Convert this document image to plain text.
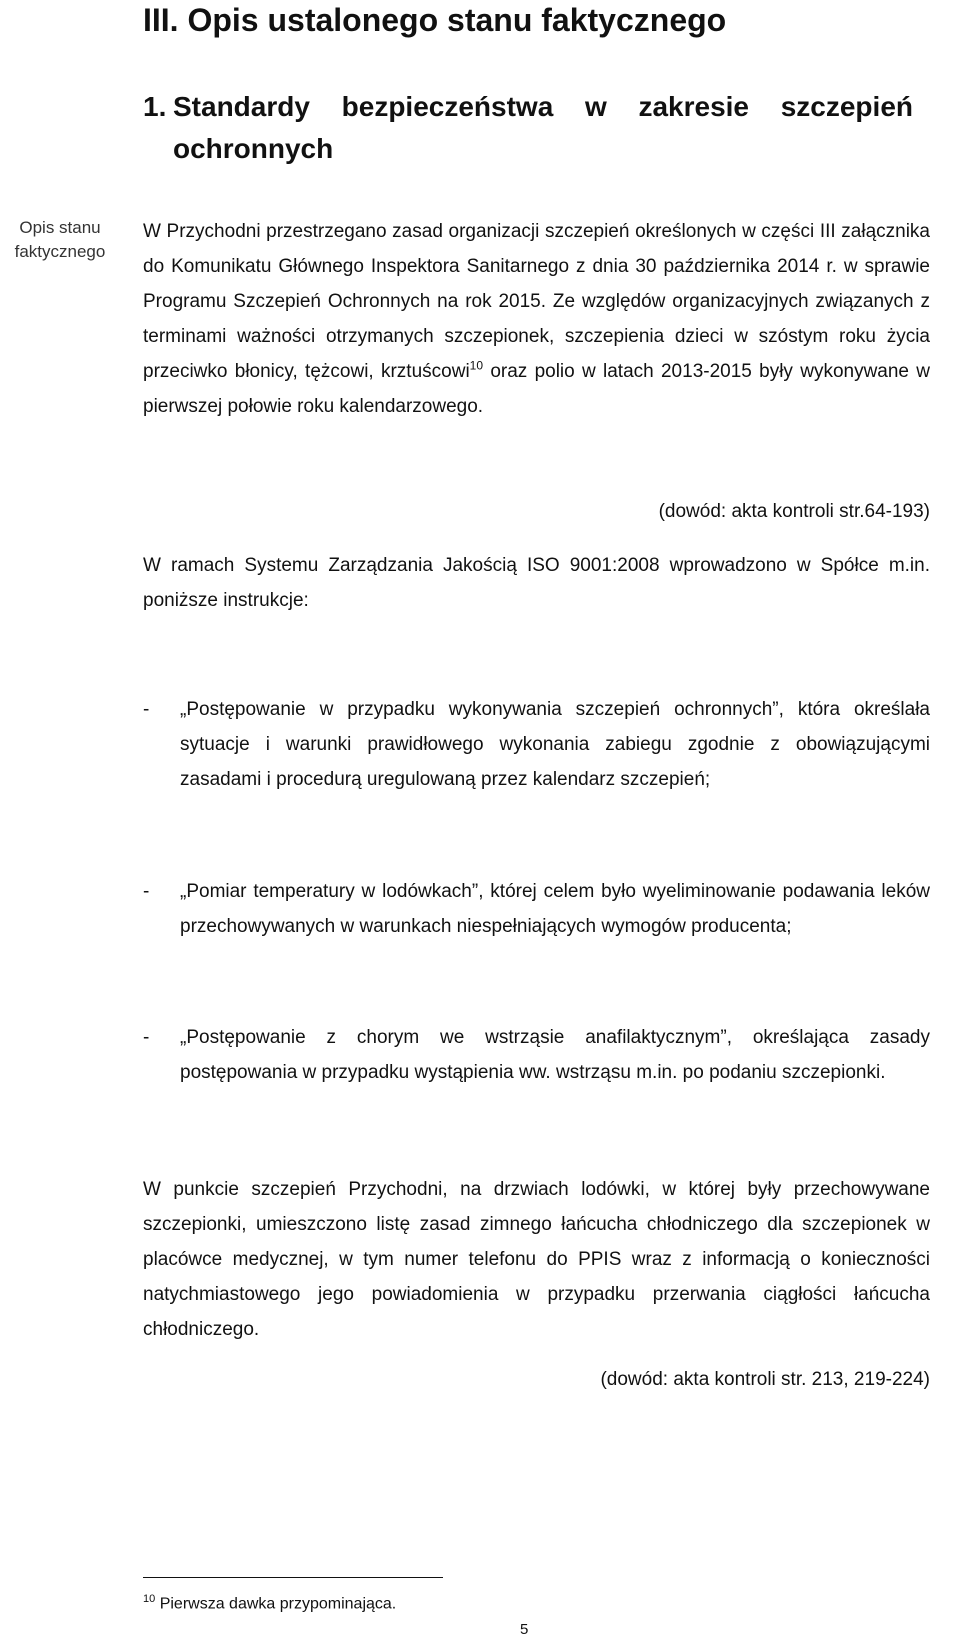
III. Opis ustalonego stanu faktycznego
1. Standardy bezpieczeństwa w zakresie szczepień
ochronnych
Opis stanu faktycznego
W Przychodni przestrzegano zasad organizacji szczepień określonych w części III załącznika do Komunikatu Głównego Inspektora Sanitarnego z dnia 30 października 2014 r. w sprawie Programu Szczepień Ochronnych na rok 2015. Ze względów organizacyjnych związanych z terminami ważności otrzymanych szczepionek, szczepienia dzieci w szóstym roku życia przeciwko błonicy, tężcowi, krztuścowi$^{10}$ oraz polio w latach 2013-2015 były wykonywane w pierwszej połowie roku kalendarzowego.
(dowód: akta kontroli str.64-193)
W ramach Systemu Zarządzania Jakością ISO 9001:2008 wprowadzono w Spółce m.in. poniższe instrukcje:
-	„Postępowanie w przypadku wykonywania szczepień ochronnych”, która określała sytuacje i warunki prawidłowego wykonania zabiegu zgodnie z obowiązującymi zasadami i procedurą uregulowaną przez kalendarz szczepień;
-	„Pomiar temperatury w lodówkach”, której celem było wyeliminowanie podawania leków przechowywanych w warunkach niespełniających wymogów producenta;
-	„Postępowanie z chorym we wstrząsie anafilaktycznym”, określająca zasady postępowania w przypadku wystąpienia ww. wstrząsu m.in. po podaniu szczepionki.
W punkcie szczepień Przychodni, na drzwiach lodówki, w której były przechowywane szczepionki, umieszczono listę zasad zimnego łańcucha chłodniczego dla szczepionek w placówce medycznej, w tym numer telefonu do PPIS wraz z informacją o konieczności natychmiastowego jego powiadomienia w przypadku przerwania ciągłości łańcucha chłodniczego.
(dowód: akta kontroli str. 213, 219-224)
$^{10}$ Pierwsza dawka przypominająca.
5
